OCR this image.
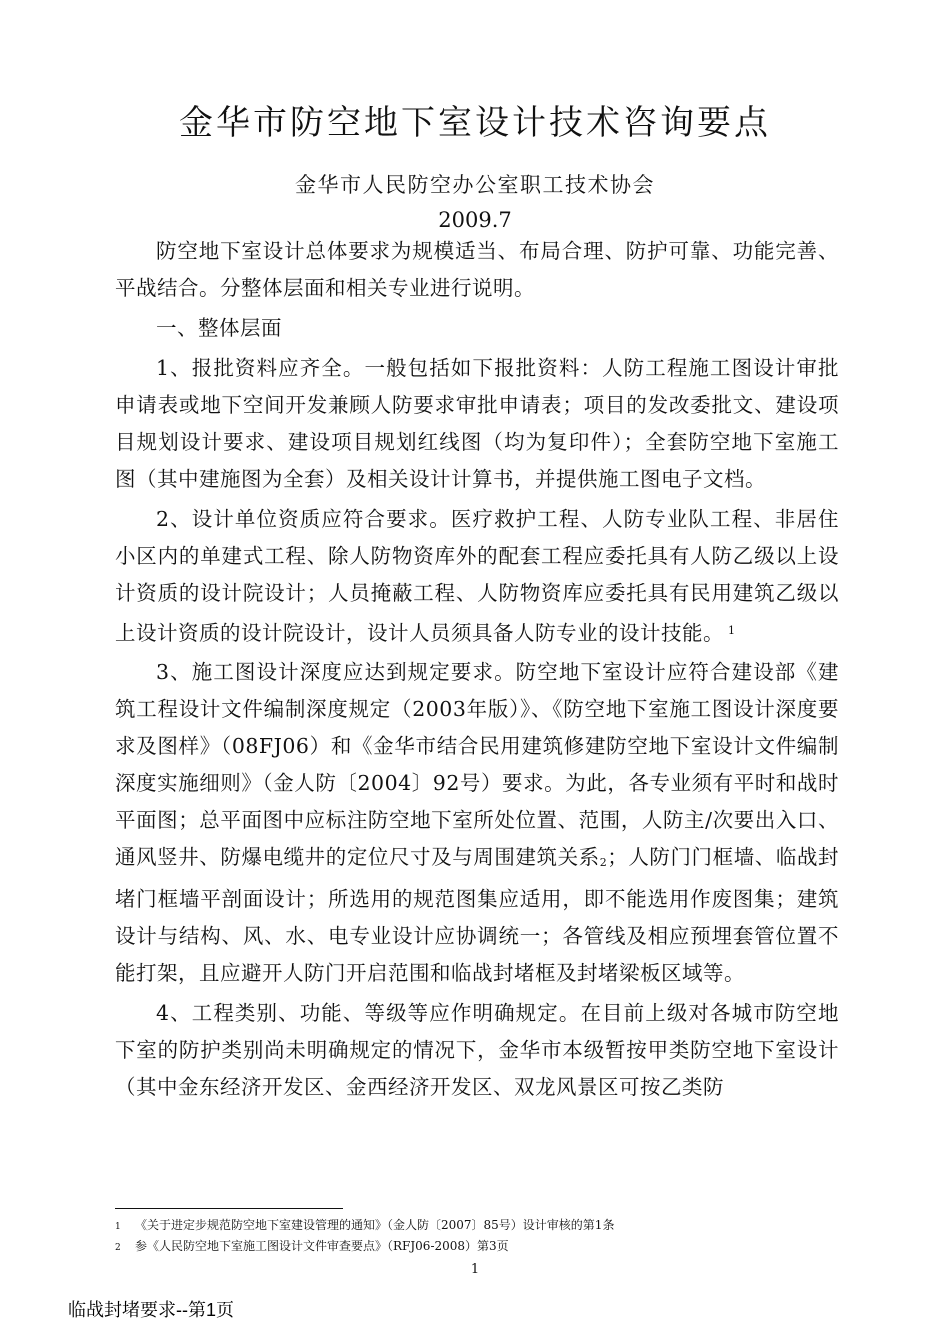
金华市防空地下室设计技术咨询要点
金华市人民防空办公室职工技术协会
2009.7

防空地下室设计总体要求为规模适当、布局合理、防护可靠、功能完善、平战结合。分整体层面和相关专业进行说明。

一、整体层面

1、报批资料应齐全。一般包括如下报批资料：人防工程施工图设计审批申请表或地下空间开发兼顾人防要求审批申请表；项目的发改委批文、建设项目规划设计要求、建设项目规划红线图（均为复印件）；全套防空地下室施工图（其中建施图为全套）及相关设计计算书，并提供施工图电子文档。

2、设计单位资质应符合要求。医疗救护工程、人防专业队工程、非居住小区内的单建式工程、除人防物资库外的配套工程应委托具有人防乙级以上设计资质的设计院设计；人员掩蔽工程、人防物资库应委托具有民用建筑乙级以上设计资质的设计院设计，设计人员须具备人防专业的设计技能。 $^1$

3、施工图设计深度应达到规定要求。防空地下室设计应符合建设部《建筑工程设计文件编制深度规定（2003年版）》、《防空地下室施工图设计深度要求及图样》（08FJ06）和《金华市结合民用建筑修建防空地下室设计文件编制深度实施细则》（金人防〔2004〕92号）要求。为此，各专业须有平时和战时平面图；总平面图中应标注防空地下室所处位置、范围，人防主/次要出入口、通风竖井、防爆电缆井的定位尺寸及与周围建筑关系$_2$；人防门门框墙、临战封堵门框墙平剖面设计；所选用的规范图集应适用，即不能选用作废图集；建筑设计与结构、风、水、电专业设计应协调统一；各管线及相应预埋套管位置不能打架，且应避开人防门开启范围和临战封堵框及封堵梁板区域等。

4、工程类别、功能、等级等应作明确规定。在目前上级对各城市防空地下室的防护类别尚未明确规定的情况下，金华市本级暂按甲类防空地下室设计（其中金东经济开发区、金西经济开发区、双龙风景区可按乙类防

1 《关于进定步规范防空地下室建设管理的通知》（金人防〔2007〕85号）设计审核的第1条
2 参《人民防空地下室施工图设计文件审查要点》（RFJ06-2008）第3页
1
临战封堵要求--第1页
